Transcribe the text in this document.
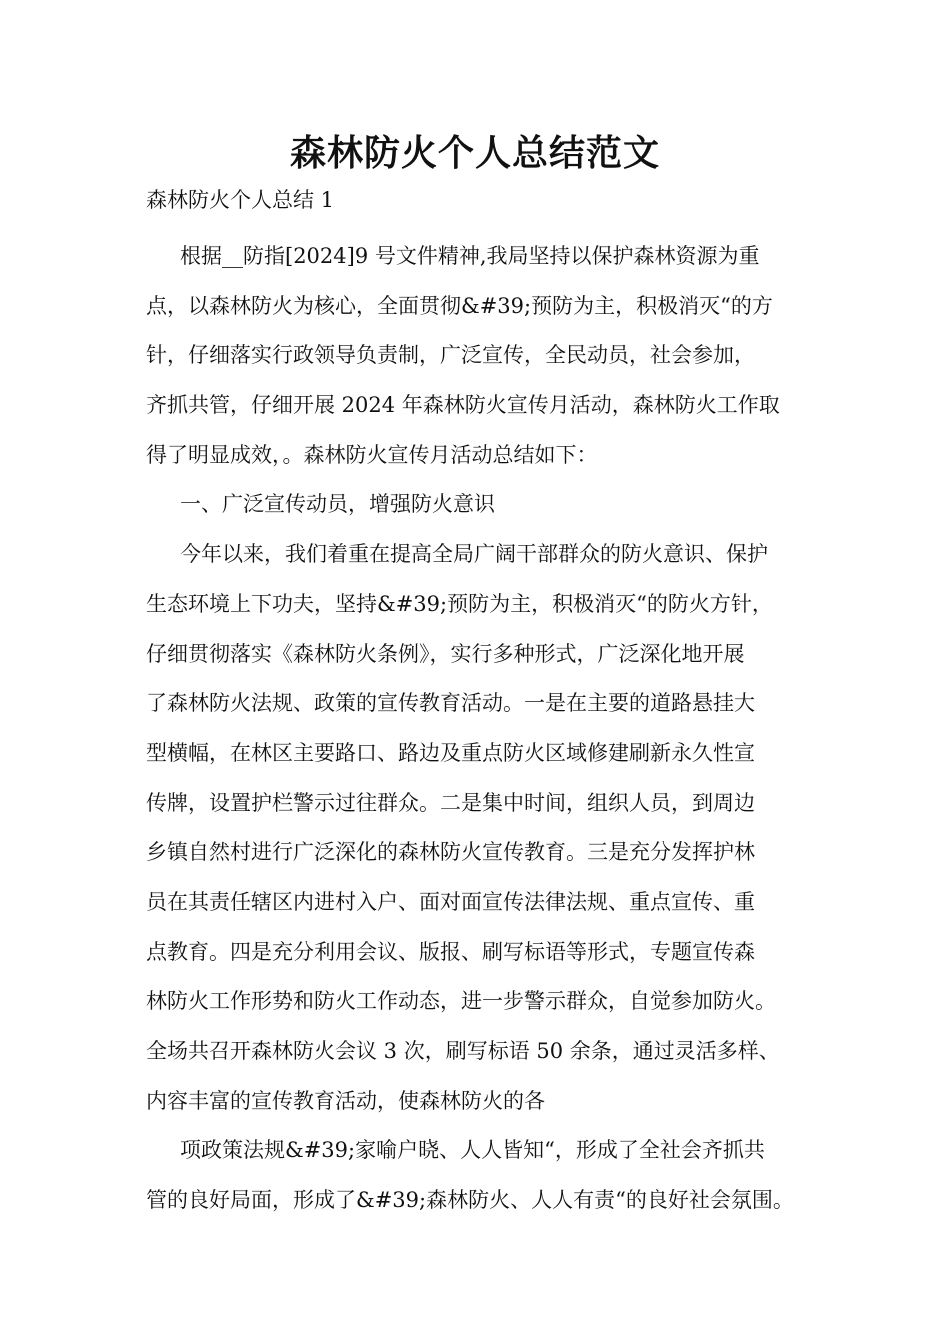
森林防火个人总结范文
森林防火个人总结 1
根据__防指[2024]9 号文件精神,我局坚持以保护森林资源为重
点，以森林防火为核心，全面贯彻&#39;预防为主，积极消灭“的方
针，仔细落实行政领导负责制，广泛宣传，全民动员，社会参加，
齐抓共管，仔细开展 2024 年森林防火宣传月活动，森林防火工作取
得了明显成效，。森林防火宣传月活动总结如下：
一、广泛宣传动员，增强防火意识
今年以来，我们着重在提高全局广阔干部群众的防火意识、保护
生态环境上下功夫，坚持&#39;预防为主，积极消灭“的防火方针，
仔细贯彻落实《森林防火条例》，实行多种形式，广泛深化地开展
了森林防火法规、政策的宣传教育活动。一是在主要的道路悬挂大
型横幅，在林区主要路口、路边及重点防火区域修建刷新永久性宣
传牌，设置护栏警示过往群众。二是集中时间，组织人员，到周边
乡镇自然村进行广泛深化的森林防火宣传教育。三是充分发挥护林
员在其责任辖区内进村入户、面对面宣传法律法规、重点宣传、重
点教育。四是充分利用会议、版报、刷写标语等形式，专题宣传森
林防火工作形势和防火工作动态，进一步警示群众，自觉参加防火。
全场共召开森林防火会议 3 次，刷写标语 50 余条，通过灵活多样、
内容丰富的宣传教育活动，使森林防火的各
项政策法规&#39;家喻户晓、人人皆知“，形成了全社会齐抓共
管的良好局面，形成了&#39;森林防火、人人有责“的良好社会氛围。
